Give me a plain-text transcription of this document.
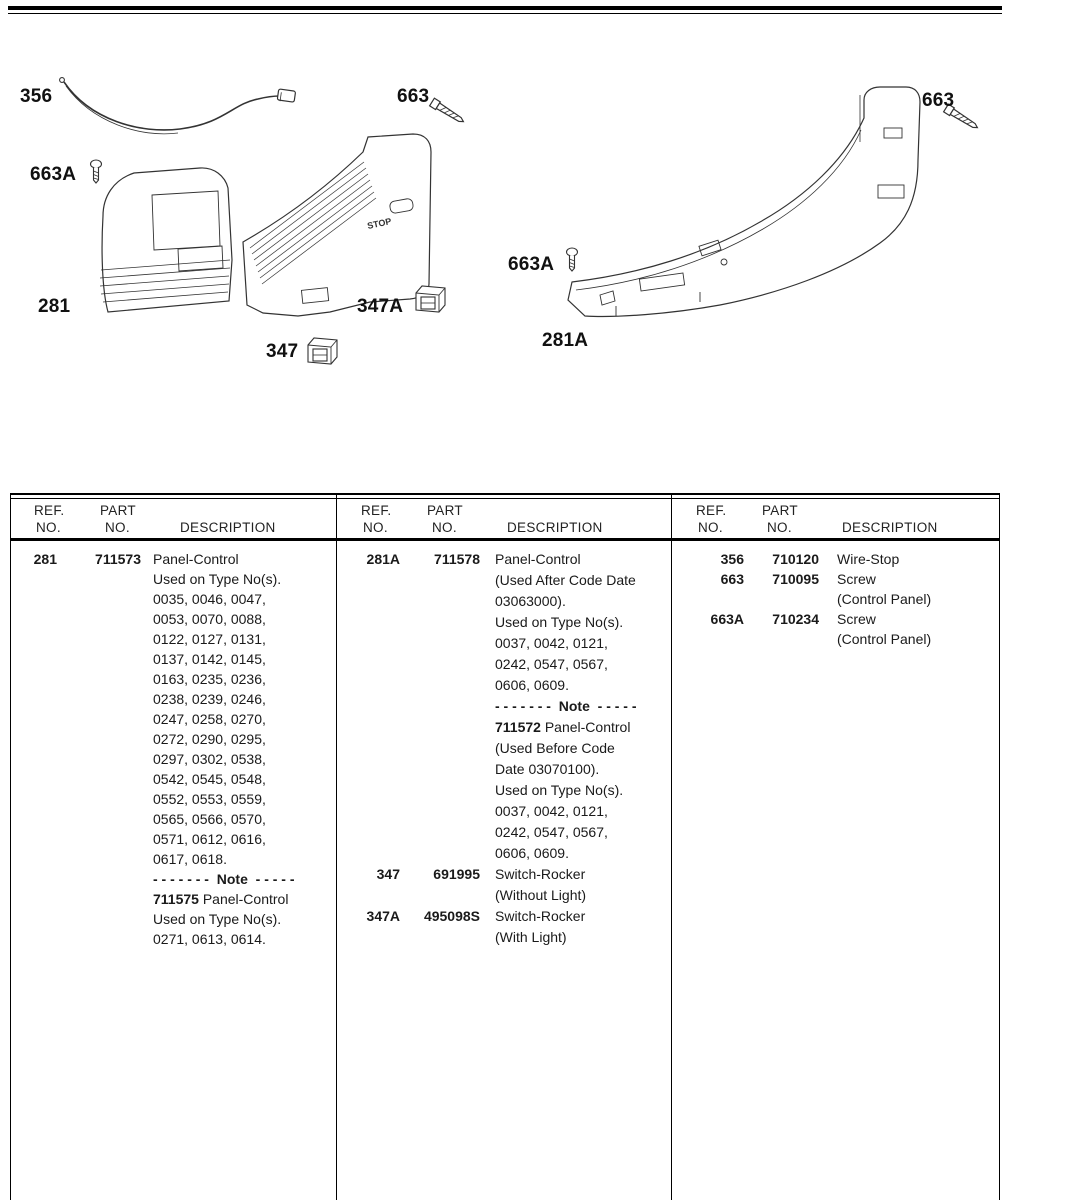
STOP
356	663	663
663A
281	347A
347
663A
281A
REF.	PART
NO.	NO.	DESCRIPTION
REF.	PART
NO.	NO.	DESCRIPTION
REF.	PART
NO.	NO.	DESCRIPTION
281	711573 Panel-Control
Used on Type No(s).
0035, 0046, 0047,
0053, 0070, 0088,
0122, 0127, 0131,
0137, 0142, 0145,
0163, 0235, 0236,
0238, 0239, 0246,
0247, 0258, 0270,
0272, 0290, 0295,
0297, 0302, 0538,
0542, 0545, 0548,
0552, 0553, 0559,
0565, 0566, 0570,
0571, 0612, 0616,
0617, 0618.
- - - - - - -  Note  - - - - -
711575 Panel-Control
Used on Type No(s).
0271, 0613, 0614.
281A	711578 Panel-Control
(Used After Code Date
03063000).
Used on Type No(s).
0037, 0042, 0121,
0242, 0547, 0567,
0606, 0609.
- - - - - - -  Note  - - - - -
711572 Panel-Control
(Used Before Code
Date 03070100).
Used on Type No(s).
0037, 0042, 0121,
0242, 0547, 0567,
0606, 0609.
347	691995 Switch-Rocker
(Without Light)
347A	495098S Switch-Rocker
(With Light)
356	710120 Wire-Stop
663	710095 Screw
(Control Panel)
663A	710234 Screw
(Control Panel)
